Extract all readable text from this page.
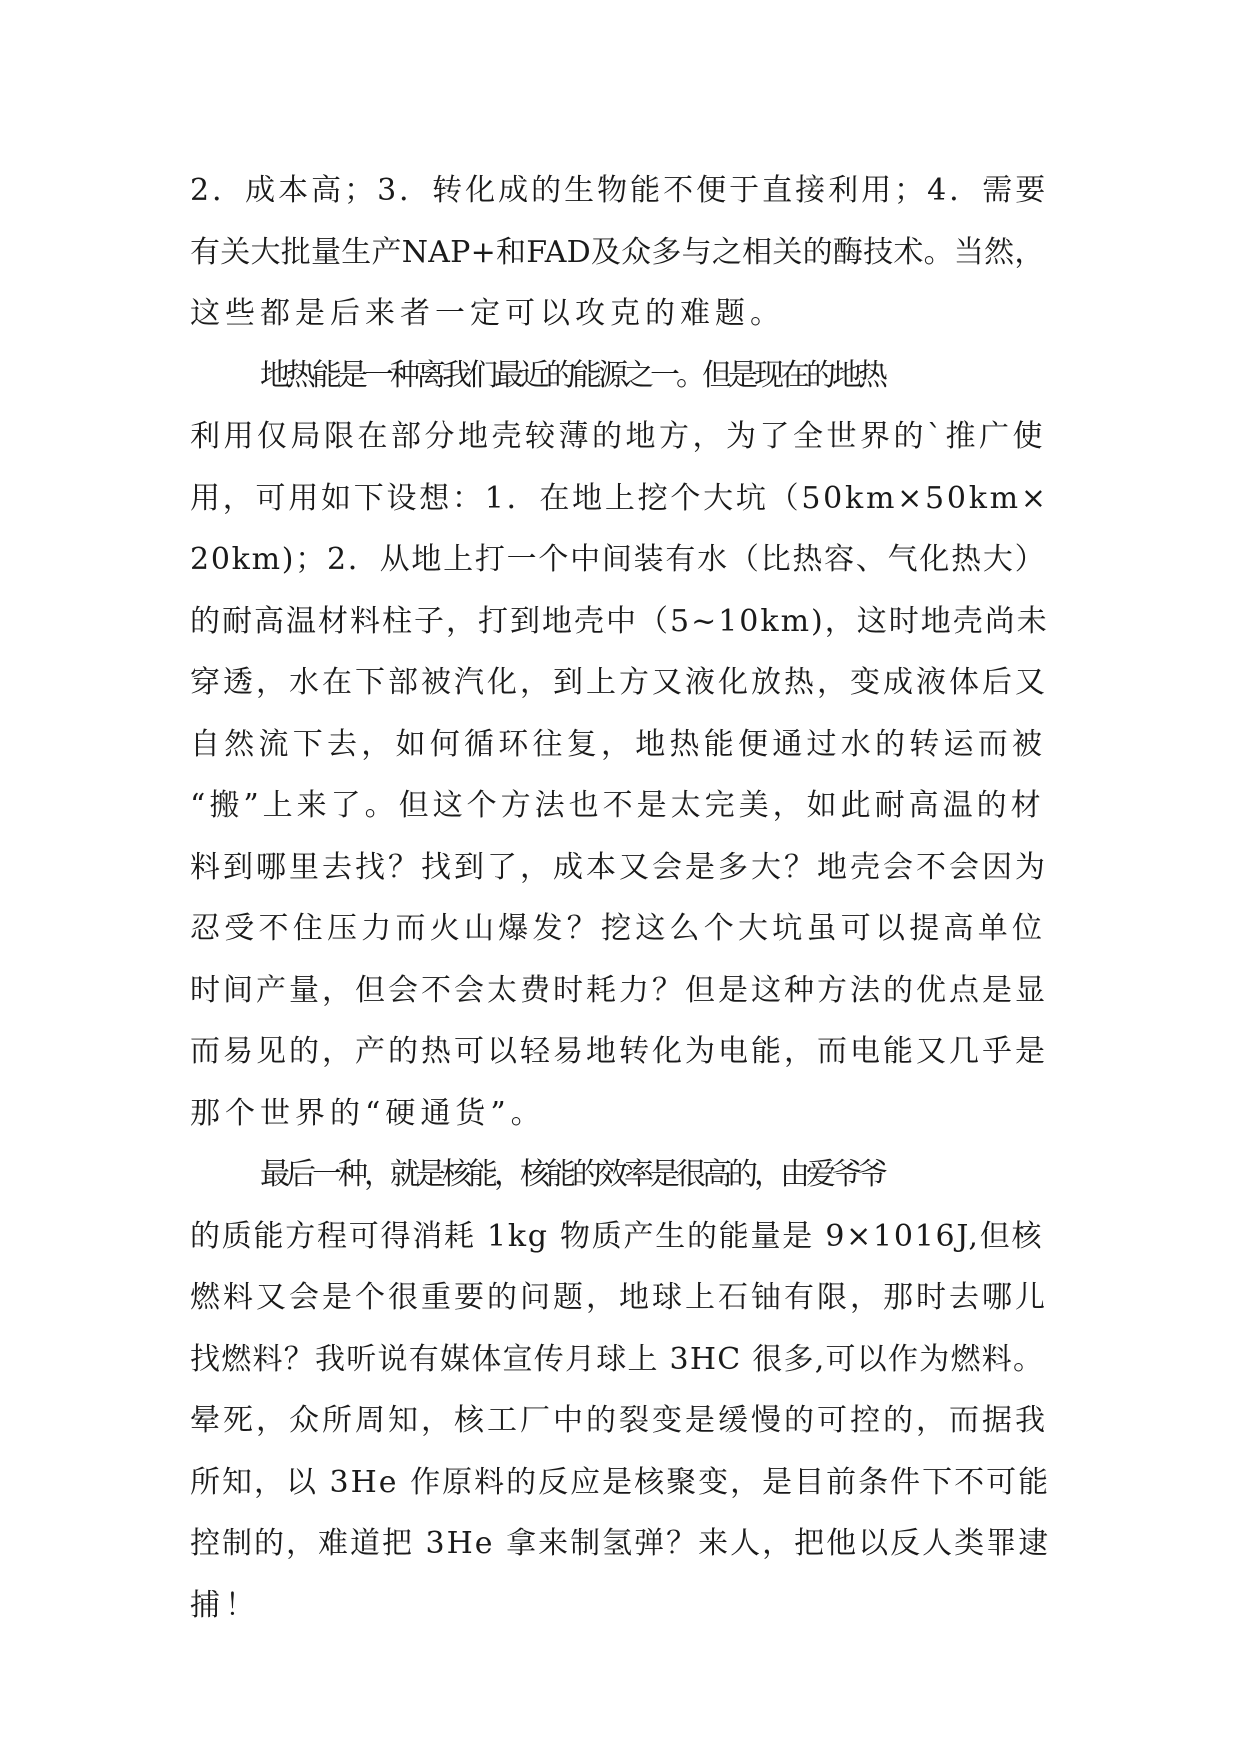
2．成本高；3．转化成的生物能不便于直接利用；4．需要
有关大批量生产NAP+和FAD及众多与之相关的酶技术。当然，
这些都是后来者一定可以攻克的难题。
地热能是一种离我们最近的能源之一。但是现在的地热
利用仅局限在部分地壳较薄的地方，为了全世界的`推广使
用，可用如下设想：1．在地上挖个大坑（50km×50km×
20km)；2．从地上打一个中间装有水（比热容、气化热大）
的耐高温材料柱子，打到地壳中（5~10km)，这时地壳尚未
穿透，水在下部被汽化，到上方又液化放热，变成液体后又
自然流下去，如何循环往复，地热能便通过水的转运而被
“搬”上来了。但这个方法也不是太完美，如此耐高温的材
料到哪里去找？找到了，成本又会是多大？地壳会不会因为
忍受不住压力而火山爆发？挖这么个大坑虽可以提高单位
时间产量，但会不会太费时耗力？但是这种方法的优点是显
而易见的，产的热可以轻易地转化为电能，而电能又几乎是
那个世界的“硬通货”。
最后一种，就是核能，核能的效率是很高的，由爱爷爷
的质能方程可得消耗 1kg 物质产生的能量是 9×1016J,但核
燃料又会是个很重要的问题，地球上石铀有限，那时去哪儿
找燃料？我听说有媒体宣传月球上 3HC 很多,可以作为燃料。
晕死，众所周知，核工厂中的裂变是缓慢的可控的，而据我
所知，以 3He 作原料的反应是核聚变，是目前条件下不可能
控制的，难道把 3He 拿来制氢弹？来人，把他以反人类罪逮
捕！
